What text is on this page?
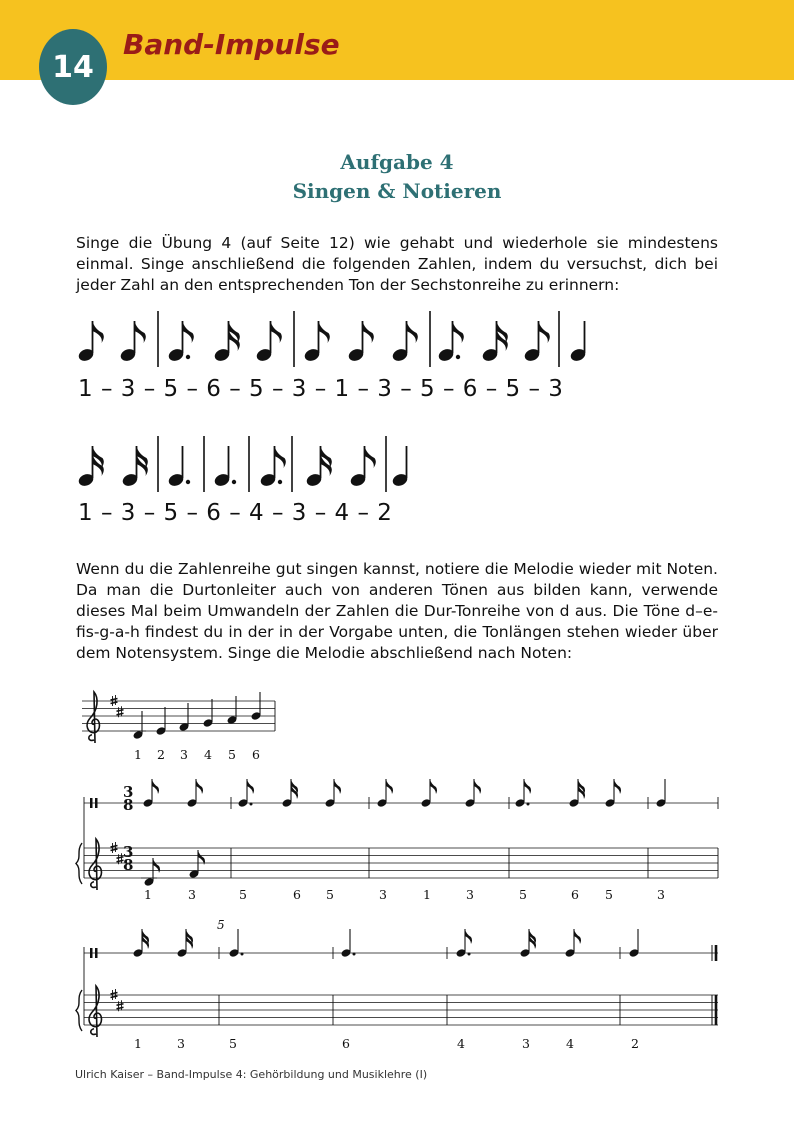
14
Band-Impulse
Aufgabe 4
Singen & Notieren
Singe die Übung 4 (auf Seite 12) wie gehabt und wiederhole sie mindestens einmal. Singe anschließend die folgenden Zahlen, indem du versuchst, dich bei jeder Zahl an den entsprechenden Ton der Sechstonreihe zu erinnern:
1 – 3 – 5 – 6 – 5 – 3 – 1 – 3 – 5 – 6 – 5 – 3
1 – 3 – 5 – 6 – 4 – 3 – 4 – 2
Wenn du die Zahlenreihe gut singen kannst, notiere die Melodie wieder mit Noten. Da man die Durtonleiter auch von anderen Tönen aus bilden kann, verwende dieses Mal beim Umwandeln der Zahlen die Dur-Tonreihe von d aus. Die Töne d–e-fis-g-a-h findest du in der in der Vorgabe unten, die Tonlängen stehen wieder über dem Notensystem. Singe die Melodie abschließend nach Noten:
1 2 3 4 5 6
5
1	3	5	6 5	3	1	3	5	6 5	3
1	3	5	6	4	3	4	2
3
8
3
8
Ulrich Kaiser – Band-Impulse 4: Gehörbildung und Musiklehre (I)
